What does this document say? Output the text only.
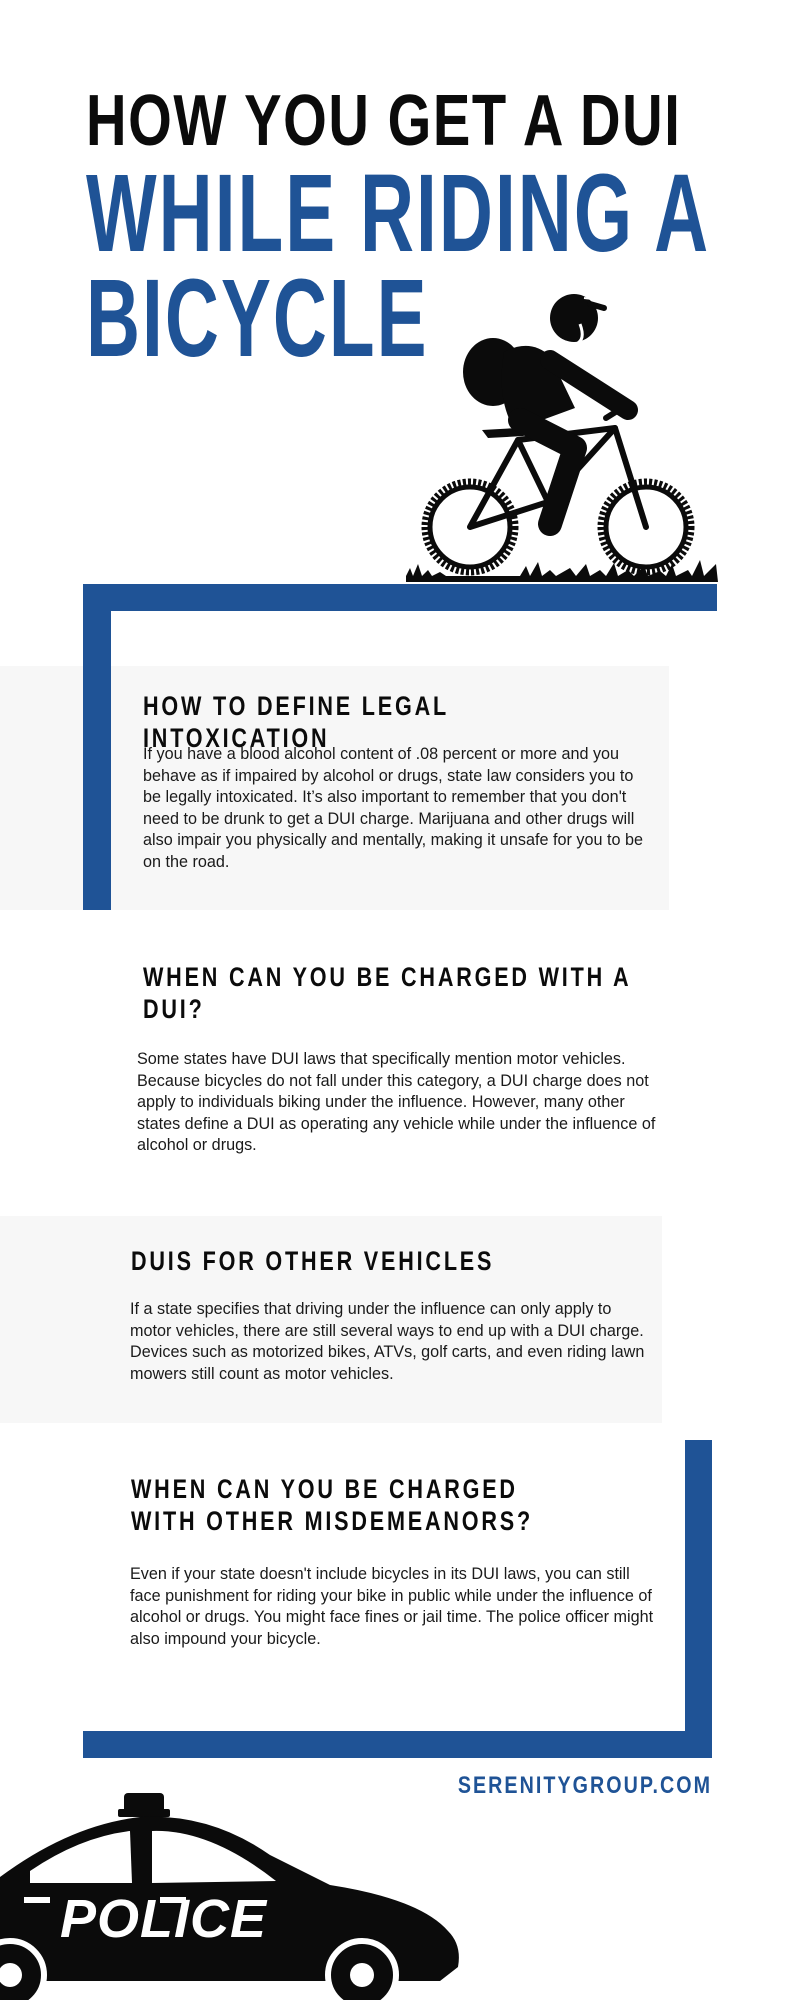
HOW YOU GET A DUI
WHILE RIDING A
BICYCLE
HOW TO DEFINE LEGAL INTOXICATION

If you have a blood alcohol content of .08 percent or more and you behave as if impaired by alcohol or drugs, state law considers you to be legally intoxicated. It’s also important to remember that you don't need to be drunk to get a DUI charge. Marijuana and other drugs will also impair you physically and mentally, making it unsafe for you to be on the road.

WHEN CAN YOU BE CHARGED WITH A DUI?

Some states have DUI laws that specifically mention motor vehicles. Because bicycles do not fall under this category, a DUI charge does not apply to individuals biking under the influence. However, many other states define a DUI as operating any vehicle while under the influence of alcohol or drugs.

DUIS FOR OTHER VEHICLES

If a state specifies that driving under the influence can only apply to motor vehicles, there are still several ways to end up with a DUI charge. Devices such as motorized bikes, ATVs, golf carts, and even riding lawn mowers still count as motor vehicles.

WHEN CAN YOU BE CHARGED WITH OTHER MISDEMEANORS?

Even if your state doesn't include bicycles in its DUI laws, you can still face punishment for riding your bike in public while under the influence of alcohol or drugs. You might face fines or jail time. The police officer might also impound your bicycle.

SERENITYGROUP.COM

POLICE
